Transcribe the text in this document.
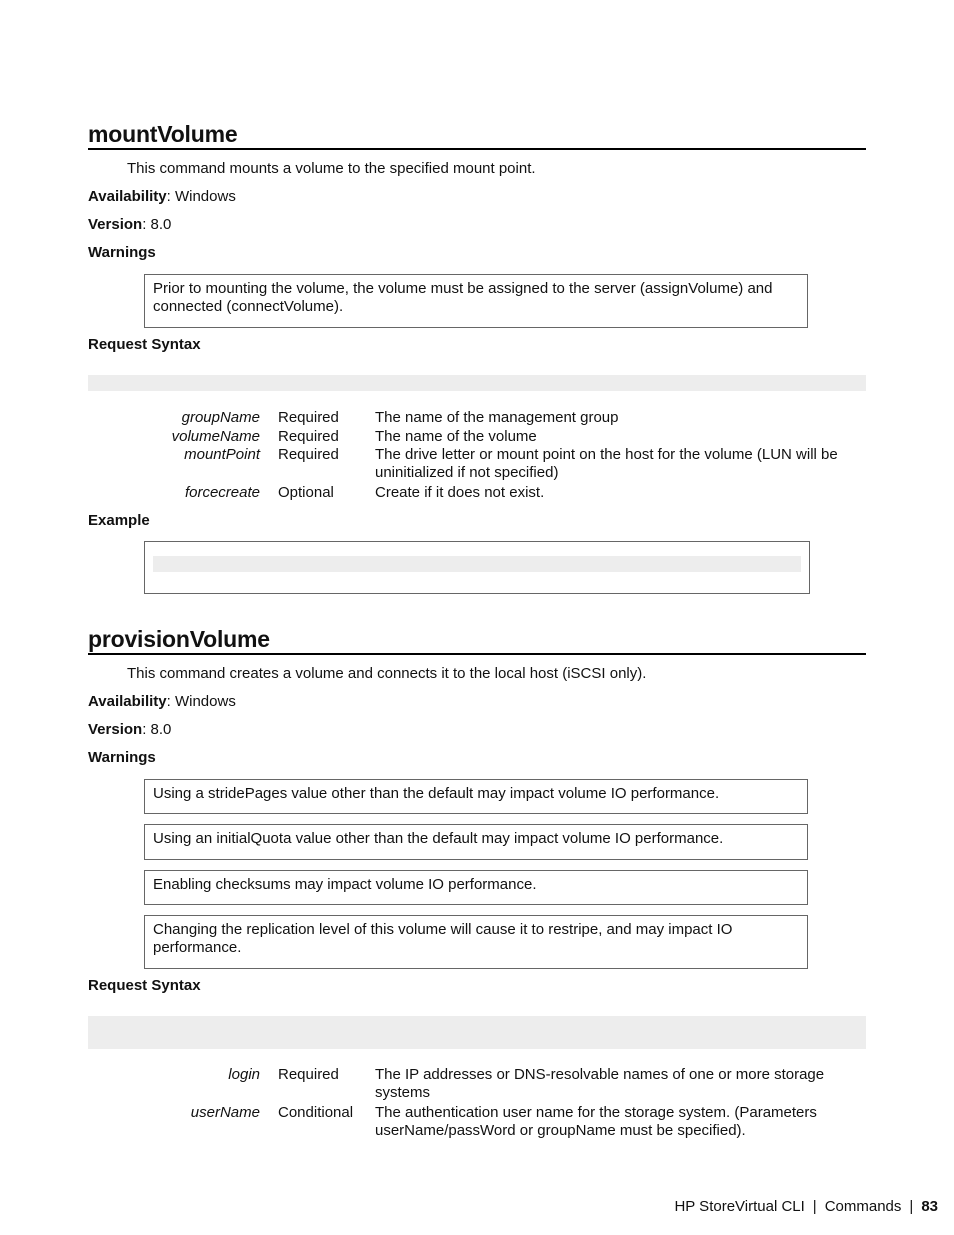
mountVolume
This command mounts a volume to the specified mount point.
Availability: Windows
Version: 8.0
Warnings
Prior to mounting the volume, the volume must be assigned to the server (assignVolume) and connected (connectVolume).
Request Syntax
groupName Required The name of the management group
volumeName Required The name of the volume
mountPoint Required The drive letter or mount point on the host for the volume (LUN will be uninitialized if not specified)
forcecreate Optional	Create if it does not exist.
Example
provisionVolume
This command creates a volume and connects it to the local host (iSCSI only).
Availability: Windows
Version: 8.0
Warnings
Using a stridePages value other than the default may impact volume IO performance.
Using an initialQuota value other than the default may impact volume IO performance.
Enabling checksums may impact volume IO performance.
Changing the replication level of this volume will cause it to restripe, and may impact IO performance.
Request Syntax
login Required The IP addresses or DNS-resolvable names of one or more storage systems
userName Conditional The authentication user name for the storage system. (Parameters userName/passWord or groupName must be specified).
HP StoreVirtual CLI | Commands | 83
